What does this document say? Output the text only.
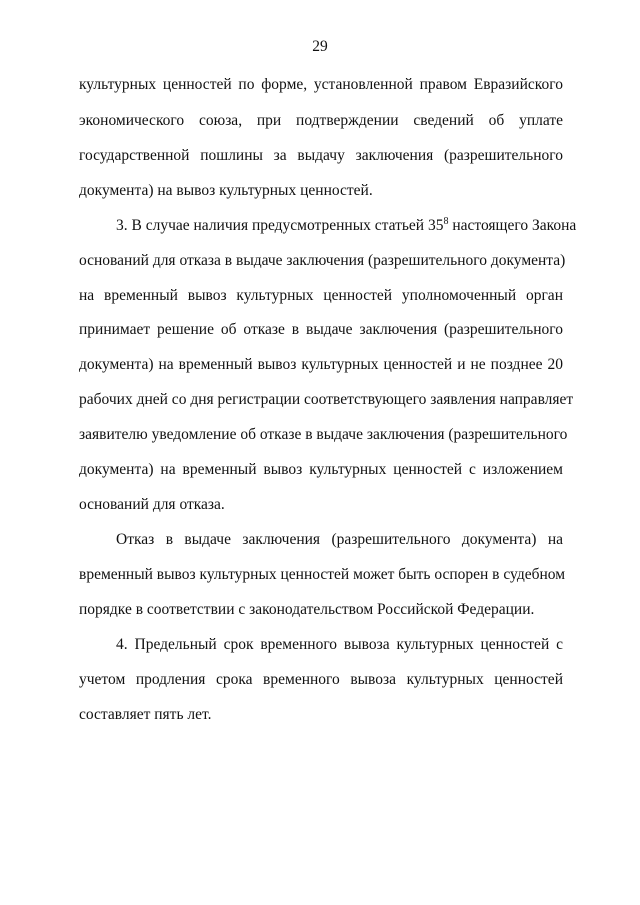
29
культурных ценностей по форме, установленной правом Евразийского
экономического союза, при подтверждении сведений об уплате
государственной пошлины за выдачу заключения (разрешительного
документа) на вывоз культурных ценностей.
3. В случае наличия предусмотренных статьей $35^8$ настоящего Закона
оснований для отказа в выдаче заключения (разрешительного документа)
на временный вывоз культурных ценностей уполномоченный орган
принимает решение об отказе в выдаче заключения (разрешительного
документа) на временный вывоз культурных ценностей и не позднее 20
рабочих дней со дня регистрации соответствующего заявления направляет
заявителю уведомление об отказе в выдаче заключения (разрешительного
документа) на временный вывоз культурных ценностей с изложением
оснований для отказа.
Отказ в выдаче заключения (разрешительного документа) на
временный вывоз культурных ценностей может быть оспорен в судебном
порядке в соответствии с законодательством Российской Федерации.
4. Предельный срок временного вывоза культурных ценностей с
учетом продления срока временного вывоза культурных ценностей
составляет пять лет.
